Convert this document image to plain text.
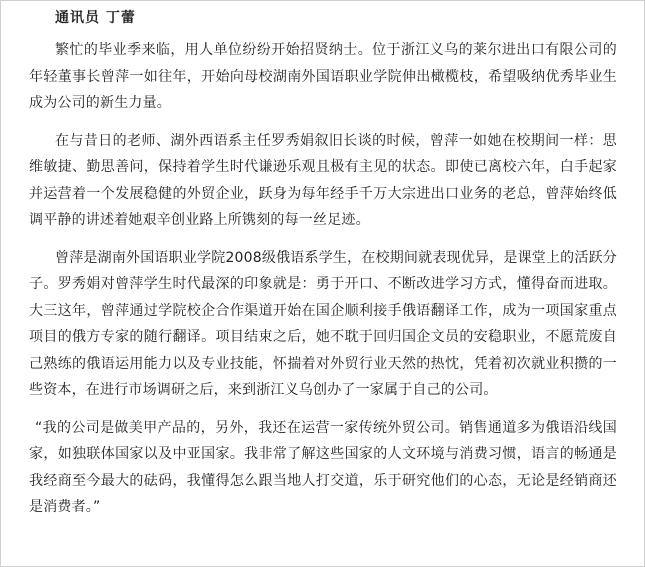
通讯员 丁蕾

繁忙的毕业季来临，用人单位纷纷开始招贤纳士。位于浙江义乌的莱尔进出口有限公司的年轻董事长曾萍一如往年，开始向母校湖南外国语职业学院伸出橄榄枝，希望吸纳优秀毕业生成为公司的新生力量。

在与昔日的老师、湖外西语系主任罗秀娟叙旧长谈的时候，曾萍一如她在校期间一样：思维敏捷、勤思善问，保持着学生时代谦逊乐观且极有主见的状态。即使已离校六年，白手起家并运营着一个发展稳健的外贸企业，跃身为每年经手千万大宗进出口业务的老总，曾萍始终低调平静的讲述着她艰辛创业路上所镌刻的每一丝足迹。

曾萍是湖南外国语职业学院2008级俄语系学生，在校期间就表现优异，是课堂上的活跃分子。罗秀娟对曾萍学生时代最深的印象就是：勇于开口、不断改进学习方式，懂得奋而进取。大三这年，曾萍通过学院校企合作渠道开始在国企顺利接手俄语翻译工作，成为一项国家重点项目的俄方专家的随行翻译。项目结束之后，她不耽于回归国企文员的安稳职业，不愿荒废自己熟练的俄语运用能力以及专业技能，怀揣着对外贸行业天然的热忱，凭着初次就业积攒的一些资本，在进行市场调研之后，来到浙江义乌创办了一家属于自己的公司。

“我的公司是做美甲产品的，另外，我还在运营一家传统外贸公司。销售通道多为俄语沿线国家，如独联体国家以及中亚国家。我非常了解这些国家的人文环境与消费习惯，语言的畅通是我经商至今最大的砝码，我懂得怎么跟当地人打交道，乐于研究他们的心态，无论是经销商还是消费者。”
